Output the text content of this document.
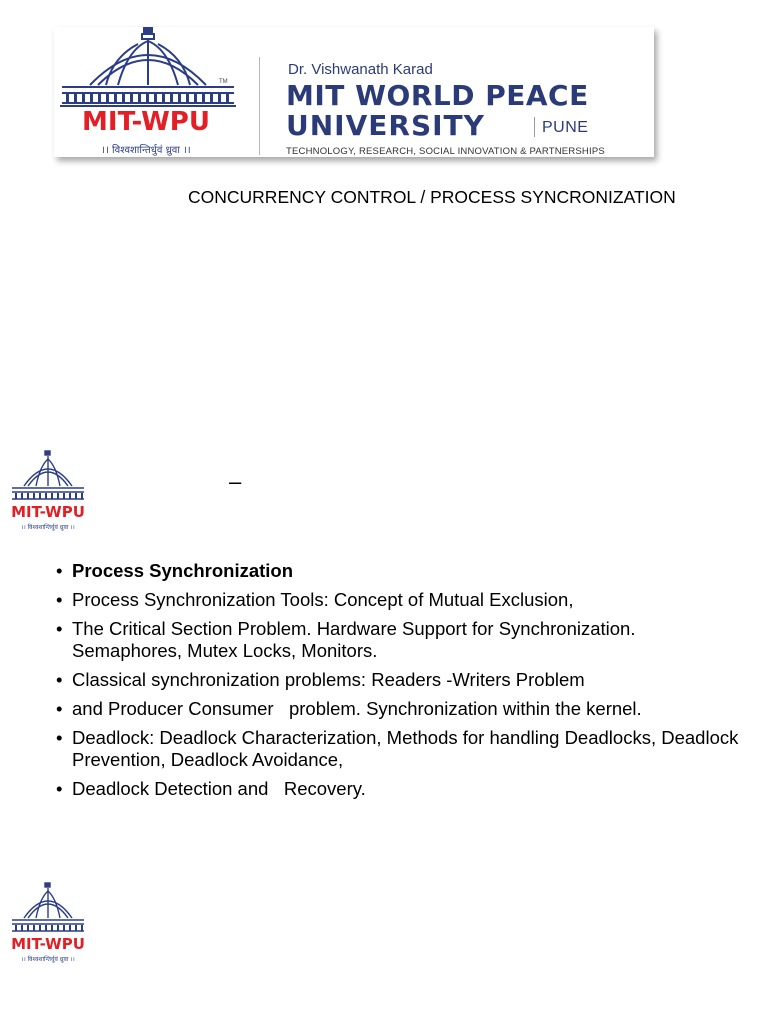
TM
MIT-WPU
।। विश्वशान्तिर्धुवं ध्रुवा ।।
Dr. Vishwanath Karad
MIT WORLD PEACE
UNIVERSITY	PUNE
TECHNOLOGY, RESEARCH, SOCIAL INNOVATION & PARTNERSHIPS
CONCURRENCY CONTROL / PROCESS SYNCRONIZATION
MIT-WPU
।। विश्वशान्तिर्धुवं ध्रुवा ।।
–
• Process Synchronization
• Process Synchronization Tools: Concept of Mutual Exclusion,
• The Critical Section Problem. Hardware Support for Synchronization. Semaphores, Mutex Locks, Monitors.
• Classical synchronization problems: Readers -Writers Problem
• and Producer Consumer   problem. Synchronization within the kernel.
• Deadlock: Deadlock Characterization, Methods for handling Deadlocks, Deadlock Prevention, Deadlock Avoidance,
• Deadlock Detection and   Recovery.
MIT-WPU
।। विश्वशान्तिर्धुवं ध्रुवा ।।
